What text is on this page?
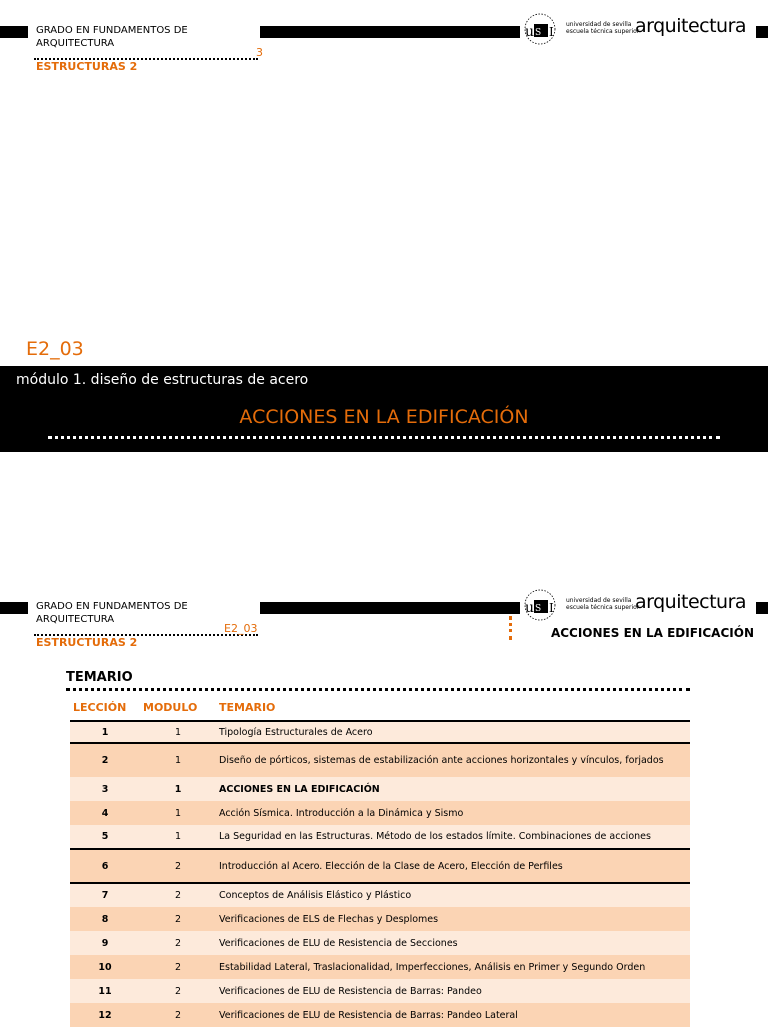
GRADO EN FUNDAMENTOS DE
ARQUITECTURA
ESTRUCTURAS 2
3
u S I
universidad de sevilla
escuela técnica superior
arquitectura
E2_03
módulo 1. diseño de estructuras de acero
ACCIONES EN LA EDIFICACIÓN
GRADO EN FUNDAMENTOS DE
ARQUITECTURA
ESTRUCTURAS 2
E2_03
u S I
universidad de sevilla
escuela técnica superior
arquitectura
ACCIONES EN LA EDIFICACIÓN
TEMARIO
LECCIÓN	MODULO	TEMARIO
1	1	Tipología Estructurales de Acero
2	1	Diseño de pórticos, sistemas de estabilización ante acciones horizontales y vínculos, forjados
3	1	ACCIONES EN LA EDIFICACIÓN
4	1	Acción Sísmica. Introducción a la Dinámica y Sismo
5	1	La Seguridad en las Estructuras. Método de los estados límite. Combinaciones de acciones
6	2	Introducción al Acero. Elección de la Clase de Acero, Elección de Perfiles
7	2	Conceptos de Análisis Elástico y Plástico
8	2	Verificaciones de ELS de Flechas y Desplomes
9	2	Verificaciones de ELU de Resistencia de Secciones
10	2	Estabilidad Lateral, Traslacionalidad, Imperfecciones, Análisis en Primer y Segundo Orden
11	2	Verificaciones de ELU de Resistencia de Barras: Pandeo
12	2	Verificaciones de ELU de Resistencia de Barras: Pandeo Lateral
